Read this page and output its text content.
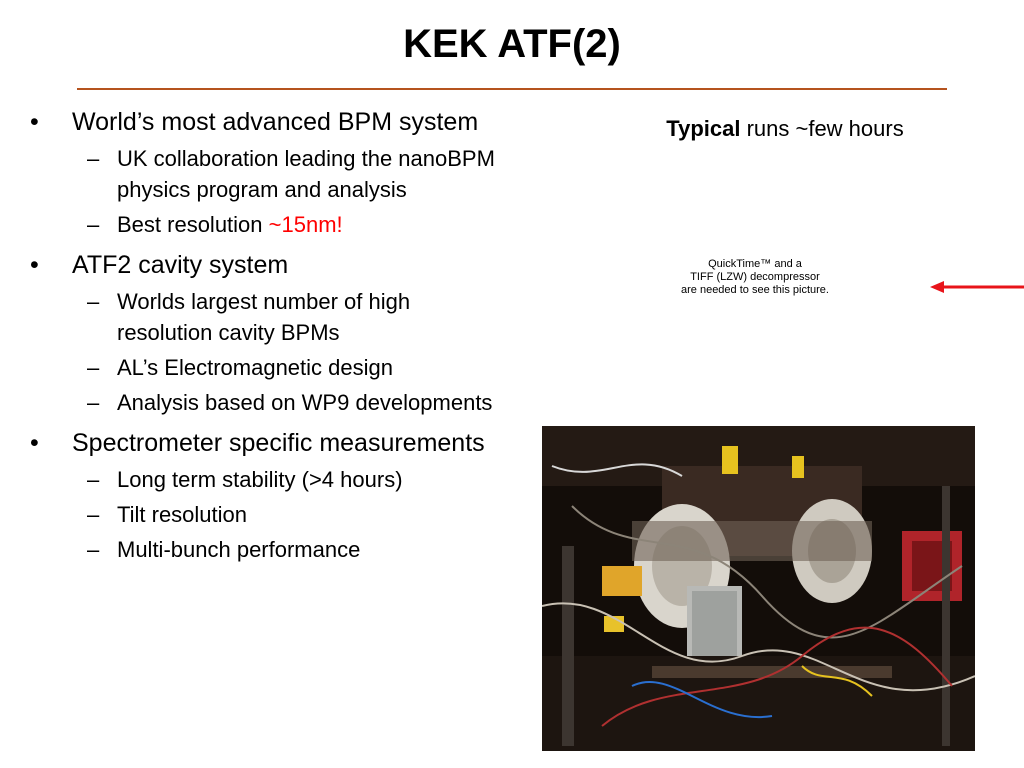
KEK ATF(2)
• World’s most advanced BPM system
– UK collaboration leading the nanoBPM physics program and analysis
– Best resolution ~15nm!
• ATF2 cavity system
– Worlds largest number of high resolution cavity BPMs
– AL’s Electromagnetic design
– Analysis based on WP9 developments
• Spectrometer specific measurements
– Long term stability (>4 hours)
– Tilt resolution
– Multi-bunch performance
Typical runs ~few hours
QuickTime™ and a
TIFF (LZW) decompressor
are needed to see this picture.
